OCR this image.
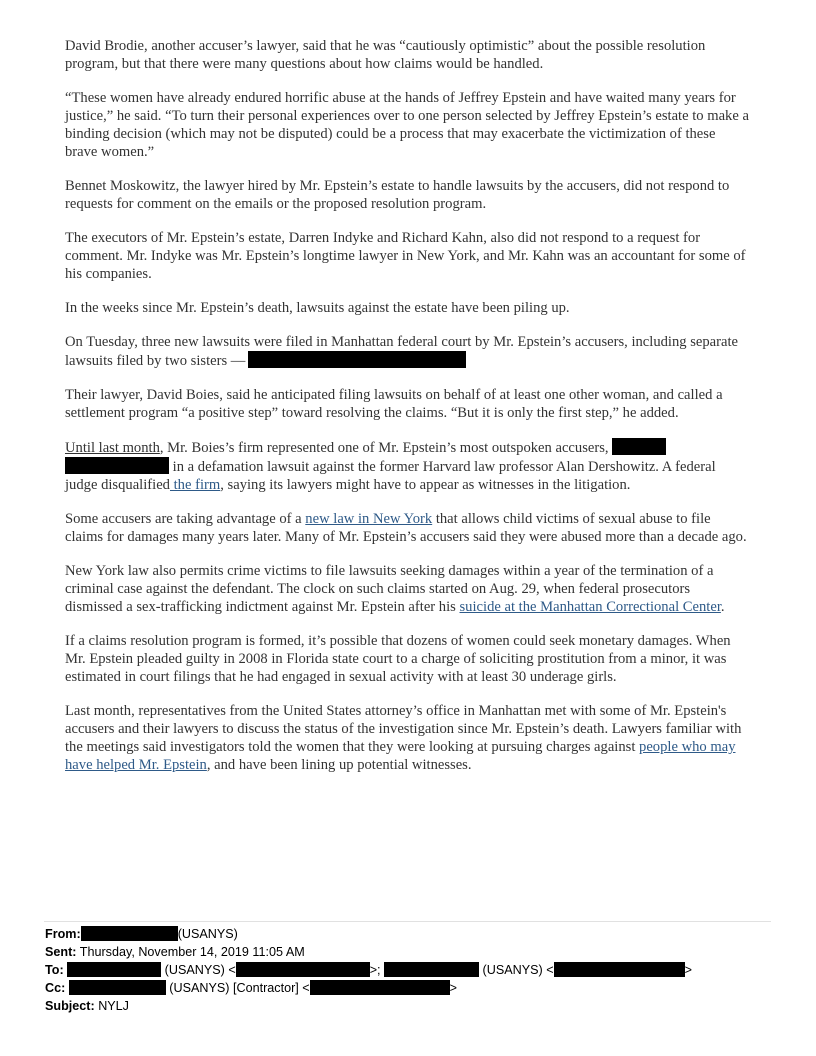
David Brodie, another accuser’s lawyer, said that he was “cautiously optimistic” about the possible resolution program, but that there were many questions about how claims would be handled.

“These women have already endured horrific abuse at the hands of Jeffrey Epstein and have waited many years for justice,” he said. “To turn their personal experiences over to one person selected by Jeffrey Epstein’s estate to make a binding decision (which may not be disputed) could be a process that may exacerbate the victimization of these brave women.”

Bennet Moskowitz, the lawyer hired by Mr. Epstein’s estate to handle lawsuits by the accusers, did not respond to requests for comment on the emails or the proposed resolution program.

The executors of Mr. Epstein’s estate, Darren Indyke and Richard Kahn, also did not respond to a request for comment. Mr. Indyke was Mr. Epstein’s longtime lawyer in New York, and Mr. Kahn was an accountant for some of his companies.

In the weeks since Mr. Epstein’s death, lawsuits against the estate have been piling up.

On Tuesday, three new lawsuits were filed in Manhattan federal court by Mr. Epstein’s accusers, including separate lawsuits filed by two sisters —

Their lawyer, David Boies, said he anticipated filing lawsuits on behalf of at least one other woman, and called a settlement program “a positive step” toward resolving the claims. “But it is only the first step,” he added.

Until last month, Mr. Boies’s firm represented one of Mr. Epstein’s most outspoken accusers,
in a defamation lawsuit against the former Harvard law professor Alan Dershowitz. A federal judge disqualified the firm, saying its lawyers might have to appear as witnesses in the litigation.

Some accusers are taking advantage of a new law in New York that allows child victims of sexual abuse to file claims for damages many years later. Many of Mr. Epstein’s accusers said they were abused more than a decade ago.

New York law also permits crime victims to file lawsuits seeking damages within a year of the termination of a criminal case against the defendant. The clock on such claims started on Aug. 29, when federal prosecutors dismissed a sex-trafficking indictment against Mr. Epstein after his suicide at the Manhattan Correctional Center.

If a claims resolution program is formed, it’s possible that dozens of women could seek monetary damages. When Mr. Epstein pleaded guilty in 2008 in Florida state court to a charge of soliciting prostitution from a minor, it was estimated in court filings that he had engaged in sexual activity with at least 30 underage girls.

Last month, representatives from the United States attorney’s office in Manhattan met with some of Mr. Epstein's accusers and their lawyers to discuss the status of the investigation since Mr. Epstein’s death. Lawyers familiar with the meetings said investigators told the women that they were looking at pursuing charges against people who may have helped Mr. Epstein, and have been lining up potential witnesses.

From:	(USANYS)
Sent: Thursday, November 14, 2019 11:05 AM
To:	(USANYS) <	>;	(USANYS) <	>
Cc:	(USANYS) [Contractor] <	>
Subject: NYLJ
